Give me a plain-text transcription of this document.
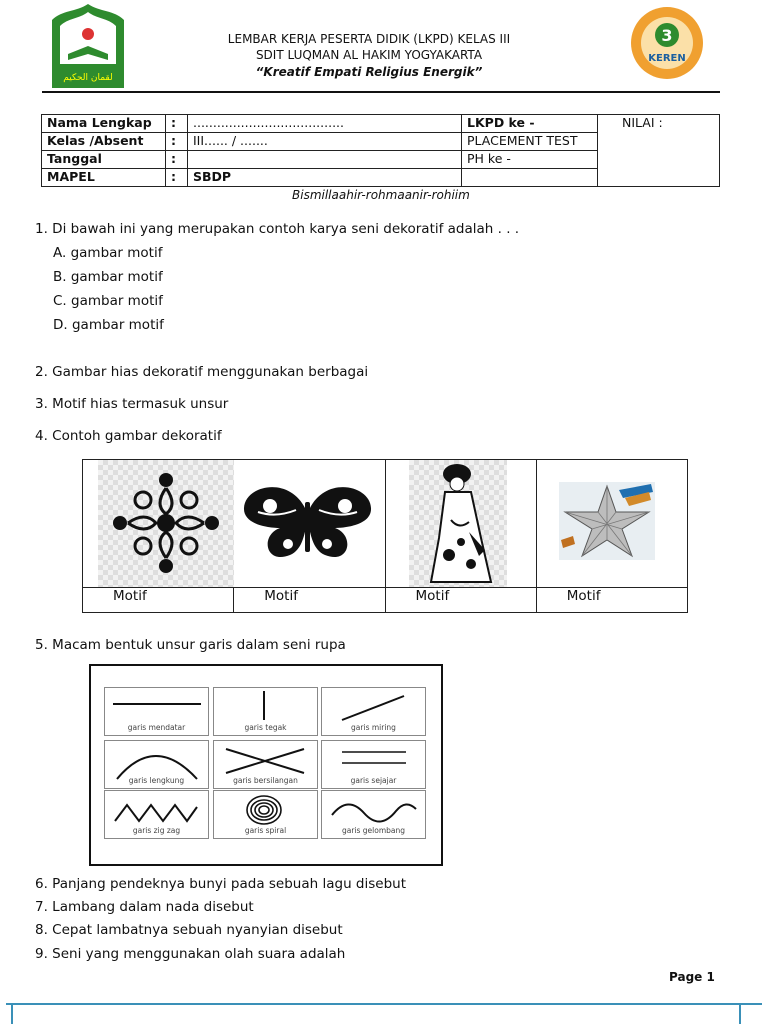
لقمان الحكيم
3
KEREN
LEMBAR KERJA PESERTA DIDIK (LKPD) KELAS III
SDIT LUQMAN AL HAKIM YOGYAKARTA
“Kreatif Empati Religius Energik”
Nama Lengkap	:	......................................	LKPD ke -	NILAI :
Kelas /Absent	:	III...... / .......	PLACEMENT TEST	
Tanggal	:		PH ke -	
MAPEL	:	SBDP		
Bismillaahir-rohmaanir-rohiim
1. Di bawah ini yang merupakan contoh karya seni dekoratif adalah . . .
A. gambar motif
B. gambar motif
C. gambar motif
D. gambar motif
2. Gambar hias dekoratif menggunakan berbagai
3. Motif hias termasuk unsur
4. Contoh gambar dekoratif

Motif	Motif	Motif	Motif
5. Macam bentuk unsur garis dalam seni rupa
garis mendatar	garis tegak	garis miring
garis lengkung	garis bersilangan	garis sejajar
garis zig zag	garis spiral	garis gelombang
6. Panjang pendeknya bunyi pada sebuah lagu disebut
7. Lambang dalam nada disebut
8. Cepat lambatnya sebuah nyanyian disebut
9. Seni yang menggunakan olah suara adalah
Page 1
